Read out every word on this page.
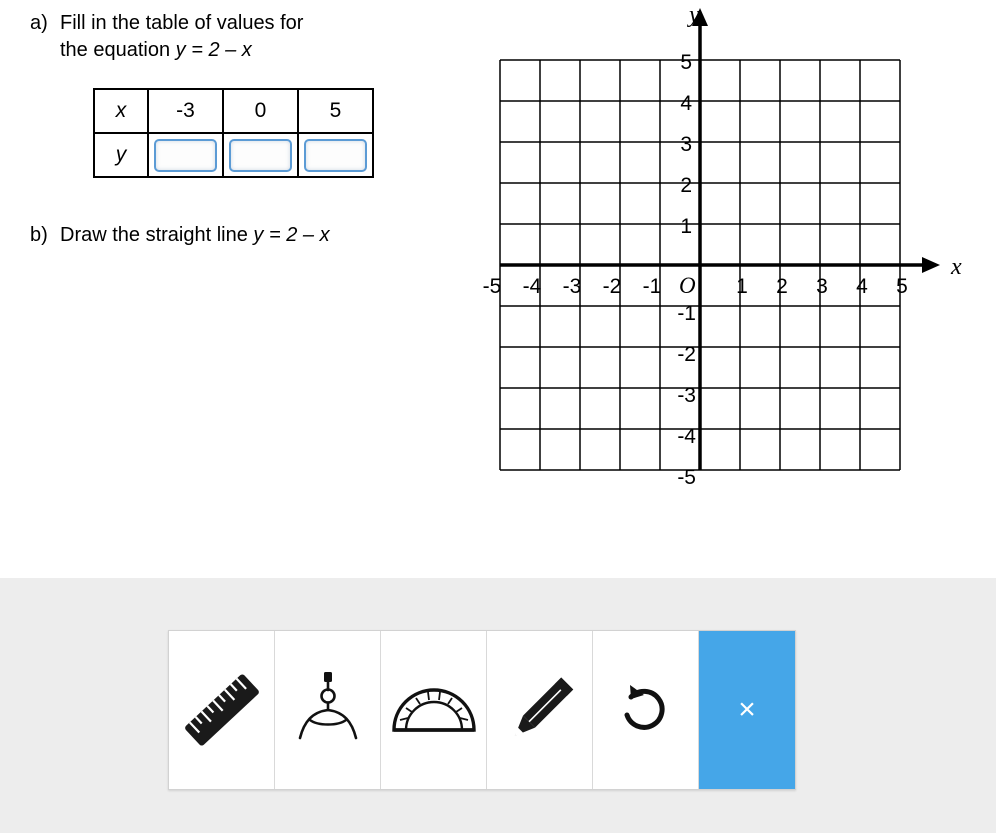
a) Fill in the table of values for
the equation y = 2 – x
x	-3	0	5
y			
b) Draw the straight line y = 2 – x
x
y
O
-5 -4 -3 -2 -1	1 2 3 4 5
5
4
3
2
1
-1
-2
-3
-4
-5
×
